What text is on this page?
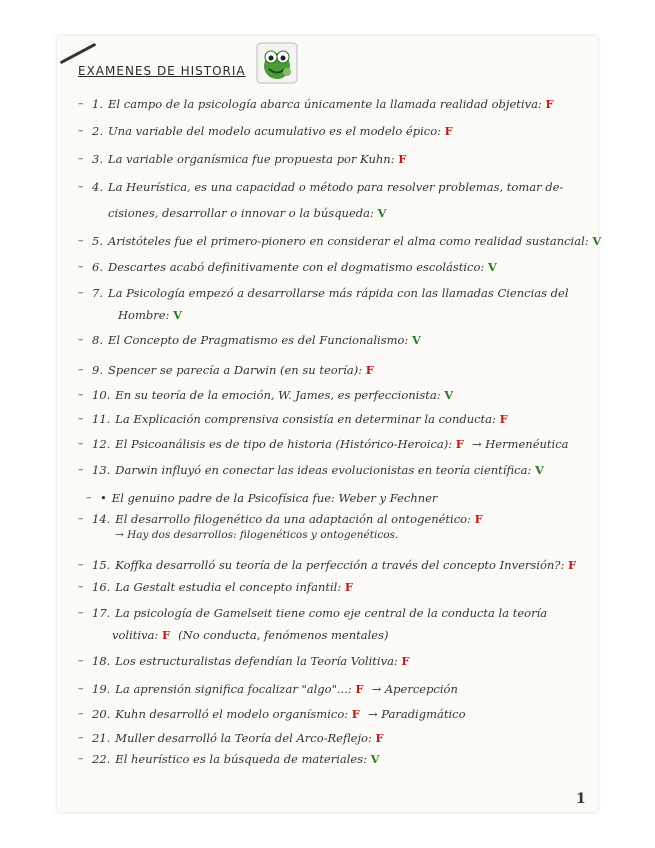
EXAMENES DE HISTORIA
1. El campo de la psicología abarca únicamente la llamada realidad objetiva: F
2. Una variable del modelo acumulativo es el modelo épico: F
3. La variable organísmica fue propuesta por Kuhn: F
4. La Heurística, es una capacidad o método para resolver problemas, tomar de-
cisiones, desarrollar o innovar o la búsqueda: V
5. Aristóteles fue el primero-pionero en considerar el alma como realidad sustancial: V
6. Descartes acabó definitivamente con el dogmatismo escolástico: V
7. La Psicología empezó a desarrollarse más rápida con las llamadas Ciencias del
Hombre: V
8. El Concepto de Pragmatismo es del Funcionalismo: V
9. Spencer se parecía a Darwin (en su teoría): F
10. En su teoría de la emoción, W. James, es perfeccionista: V
11. La Explicación comprensiva consistía en determinar la conducta: F
12. El Psicoanálisis es de tipo de historia (Histórico-Heroica): F → Hermenéutica
13. Darwin influyó en conectar las ideas evolucionistas en teoría científica: V
• El genuino padre de la Psicofísica fue: Weber y Fechner
14. El desarrollo filogenético da una adaptación al ontogenético: F
15. Koffka desarrolló su teoría de la perfección a través del concepto Inversión?: F
16. La Gestalt estudia el concepto infantil: F
17. La psicología de Gamelseit tiene como eje central de la conducta la teoría
volitiva: F (No conducta, fenómenos mentales)
18. Los estructuralistas defendían la Teoría Volitiva: F
19. La aprensión significa focalizar "algo"...: F → Apercepción
20. Kuhn desarrolló el modelo organísmico: F → Paradigmático
21. Muller desarrolló la Teoría del Arco-Reflejo: F
22. El heurístico es la búsqueda de materiales: V
→ Hay dos desarrollos: filogenéticos y ontogenéticos.
1
–
–
–
–
–
–
–
–
–
–
–
–
–
–
–
–
–
–
–
–
–
–
–
